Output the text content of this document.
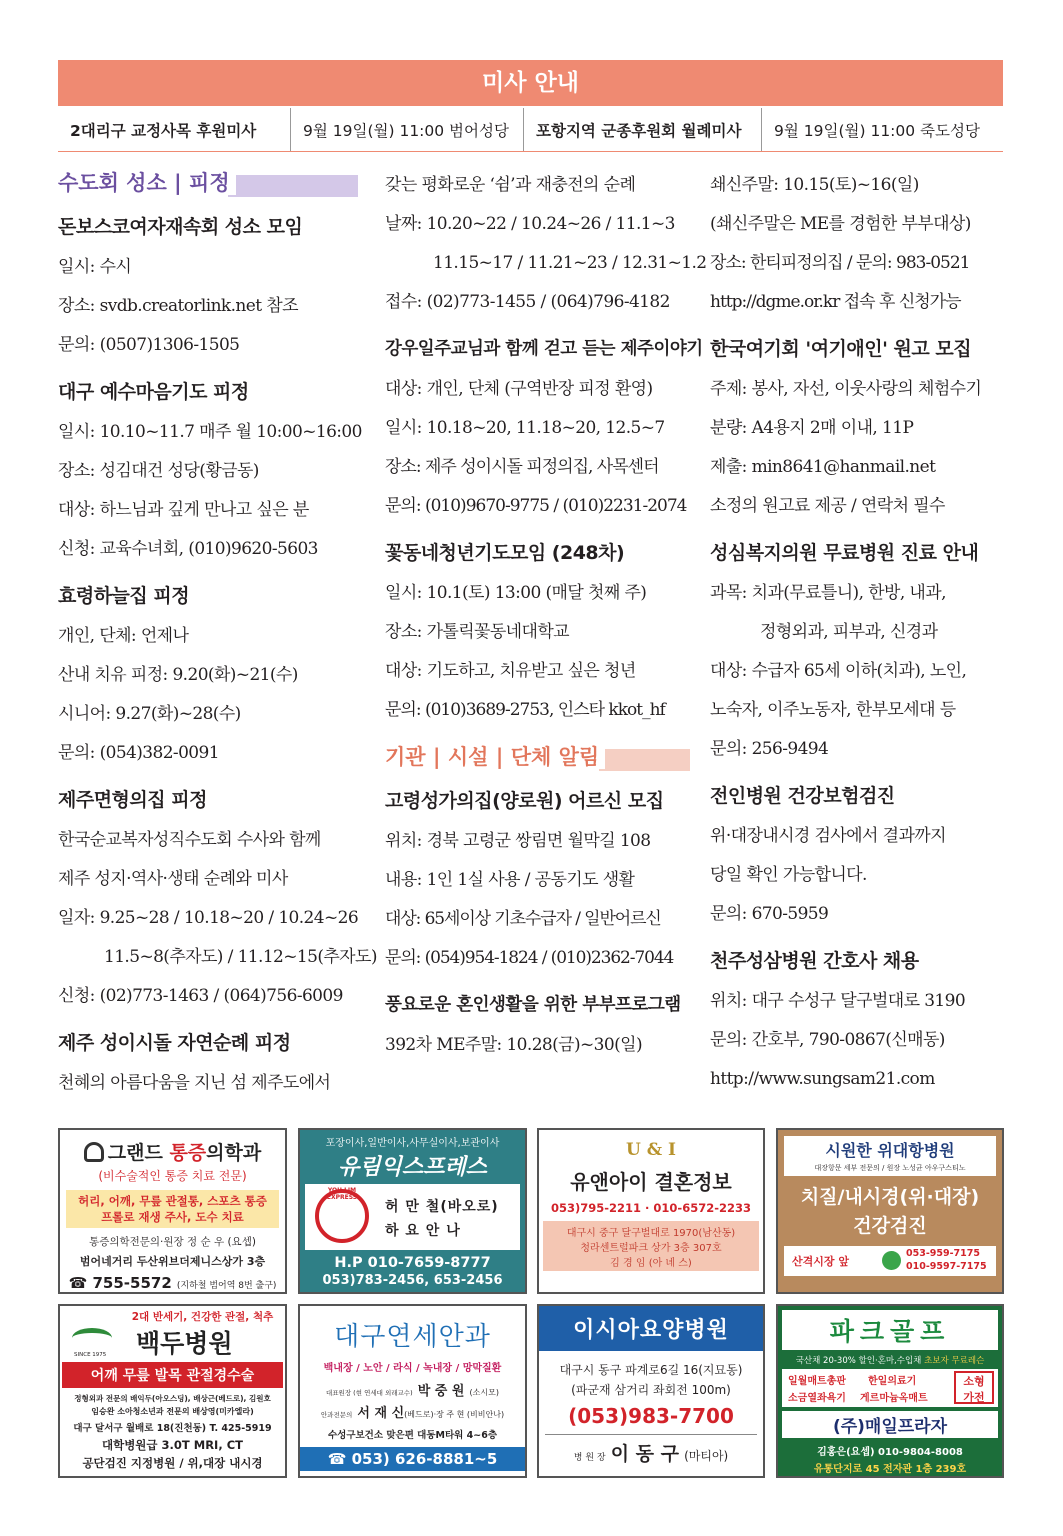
미사 안내
2대리구 교정사목 후원미사	9월 19일(월) 11:00 범어성당	포항지역 군종후원회 월례미사	9월 19일(월) 11:00 죽도성당
수도회 성소 | 피정
돈보스코여자재속회 성소 모임
일시: 수시
장소: svdb.creatorlink.net 참조
문의: (0507)1306-1505
대구 예수마음기도 피정
일시: 10.10~11.7 매주 월 10:00~16:00
장소: 성김대건 성당(황금동)
대상: 하느님과 깊게 만나고 싶은 분
신청: 교육수녀회, (010)9620-5603
효령하늘집 피정
개인, 단체: 언제나
산내 치유 피정: 9.20(화)~21(수)
시니어: 9.27(화)~28(수)
문의: (054)382-0091
제주면형의집 피정
한국순교복자성직수도회 수사와 함께
제주 성지·역사·생태 순례와 미사
일자: 9.25~28 / 10.18~20 / 10.24~26
11.5~8(추자도) / 11.12~15(추자도)
신청: (02)773-1463 / (064)756-6009
제주 성이시돌 자연순례 피정
천혜의 아름다움을 지닌 섬 제주도에서
갖는 평화로운 ‘쉼’과 재충전의 순례
날짜: 10.20~22 / 10.24~26 / 11.1~3
11.15~17 / 11.21~23 / 12.31~1.2
접수: (02)773-1455 / (064)796-4182
강우일주교님과 함께 걷고 듣는 제주이야기
대상: 개인, 단체 (구역반장 피정 환영)
일시: 10.18~20, 11.18~20, 12.5~7
장소: 제주 성이시돌 피정의집, 사목센터
문의: (010)9670-9775 / (010)2231-2074
꽃동네청년기도모임 (248차)
일시: 10.1(토) 13:00 (매달 첫째 주)
장소: 가톨릭꽃동네대학교
대상: 기도하고, 치유받고 싶은 청년
문의: (010)3689-2753, 인스타 kkot_hf
기관 | 시설 | 단체 알림
고령성가의집(양로원) 어르신 모집
위치: 경북 고령군 쌍림면 월막길 108
내용: 1인 1실 사용 / 공동기도 생활
대상: 65세이상 기초수급자 / 일반어르신
문의: (054)954-1824 / (010)2362-7044
풍요로운 혼인생활을 위한 부부프로그램
392차 ME주말: 10.28(금)~30(일)
쇄신주말: 10.15(토)~16(일)
(쇄신주말은 ME를 경험한 부부대상)
장소: 한티피정의집 / 문의: 983-0521
http://dgme.or.kr 접속 후 신청가능
한국여기회 '여기애인' 원고 모집
주제: 봉사, 자선, 이웃사랑의 체험수기
분량: A4용지 2매 이내, 11P
제출: min8641@hanmail.net
소정의 원고료 제공 / 연락처 필수
성심복지의원 무료병원 진료 안내
과목: 치과(무료틀니), 한방, 내과,
정형외과, 피부과, 신경과
대상: 수급자 65세 이하(치과), 노인,
노숙자, 이주노동자, 한부모세대 등
문의: 256-9494
전인병원 건강보험검진
위·대장내시경 검사에서 결과까지
당일 확인 가능합니다.
문의: 670-5959
천주성삼병원 간호사 채용
위치: 대구 수성구 달구벌대로 3190
문의: 간호부, 790-0867(신매동)
http://www.sungsam21.com
그랜드 통증의학과
(비수술적인 통증 치료 전문)
허리, 어깨, 무릎 관절통, 스포츠 통증
프롤로 재생 주사, 도수 치료
통증의학전문의·원장 정 순 우 (요셉)
범어네거리 두산위브더제니스상가 3층
☎ 755-5572 (지하철 범어역 8번 출구)
포장이사,일반이사,사무실이사,보관이사
유림익스프레스
YOU LIM EXPRESS
허 만 철(바오로)
하 요 안 나
H.P 010-7659-8777
053)783-2456, 653-2456
U & I
유앤아이 결혼정보
053)795-2211 · 010-6572-2233
대구시 중구 달구벌대로 1970(남산동)
청라센트럴파크 상가 3층 307호
김 경 임 (아 녜 스)
시원한 위대항병원
대장항문 세부 전문의 / 원장 노성균 아우구스티노
치질/내시경(위·대장)
건강검진
산격시장 앞
053-959-7175
010-9597-7175
2대 반세기, 건강한 관절, 척추
SINCE 1975 백두병원
어깨 무릎 발목 관절경수술
정형외과 전문의 배익두(아오스딩), 배상근(베드로), 김원호
임승완 소아청소년과 전문의 배상영(미카엘라)
대구 달서구 월배로 18(진천동) T. 425-5919
대학병원급 3.0T MRI, CT
공단검진 지정병원 / 위,대장 내시경
대구연세안과
백내장 / 노안 / 라식 / 녹내장 / 망막질환
대표원장 (현 연세대 외래교수) 박 중 원 (소시모)
안과전문의 서 재 신(베드로)·장 주 현 (비비안나)
수성구보건소 맞은편 대동M타워 4~6층
☎ 053) 626-8881~5
이시아요양병원
대구시 동구 파계로6길 16(지묘동)
(파군재 삼거리 좌회전 100m)
(053)983-7700
병 원 장 이 동 구 (마티아)
파크골프
국산채 20-30% 할인·혼마,수입채 초보자 무료레슨
일월매트총판
소금열좌욕기
한일의료기
게르마늄옥매트
소형
가전
(주)매일프라자
김홍은(요셉) 010-9804-8008
유통단지로 45 전자관 1층 239호
